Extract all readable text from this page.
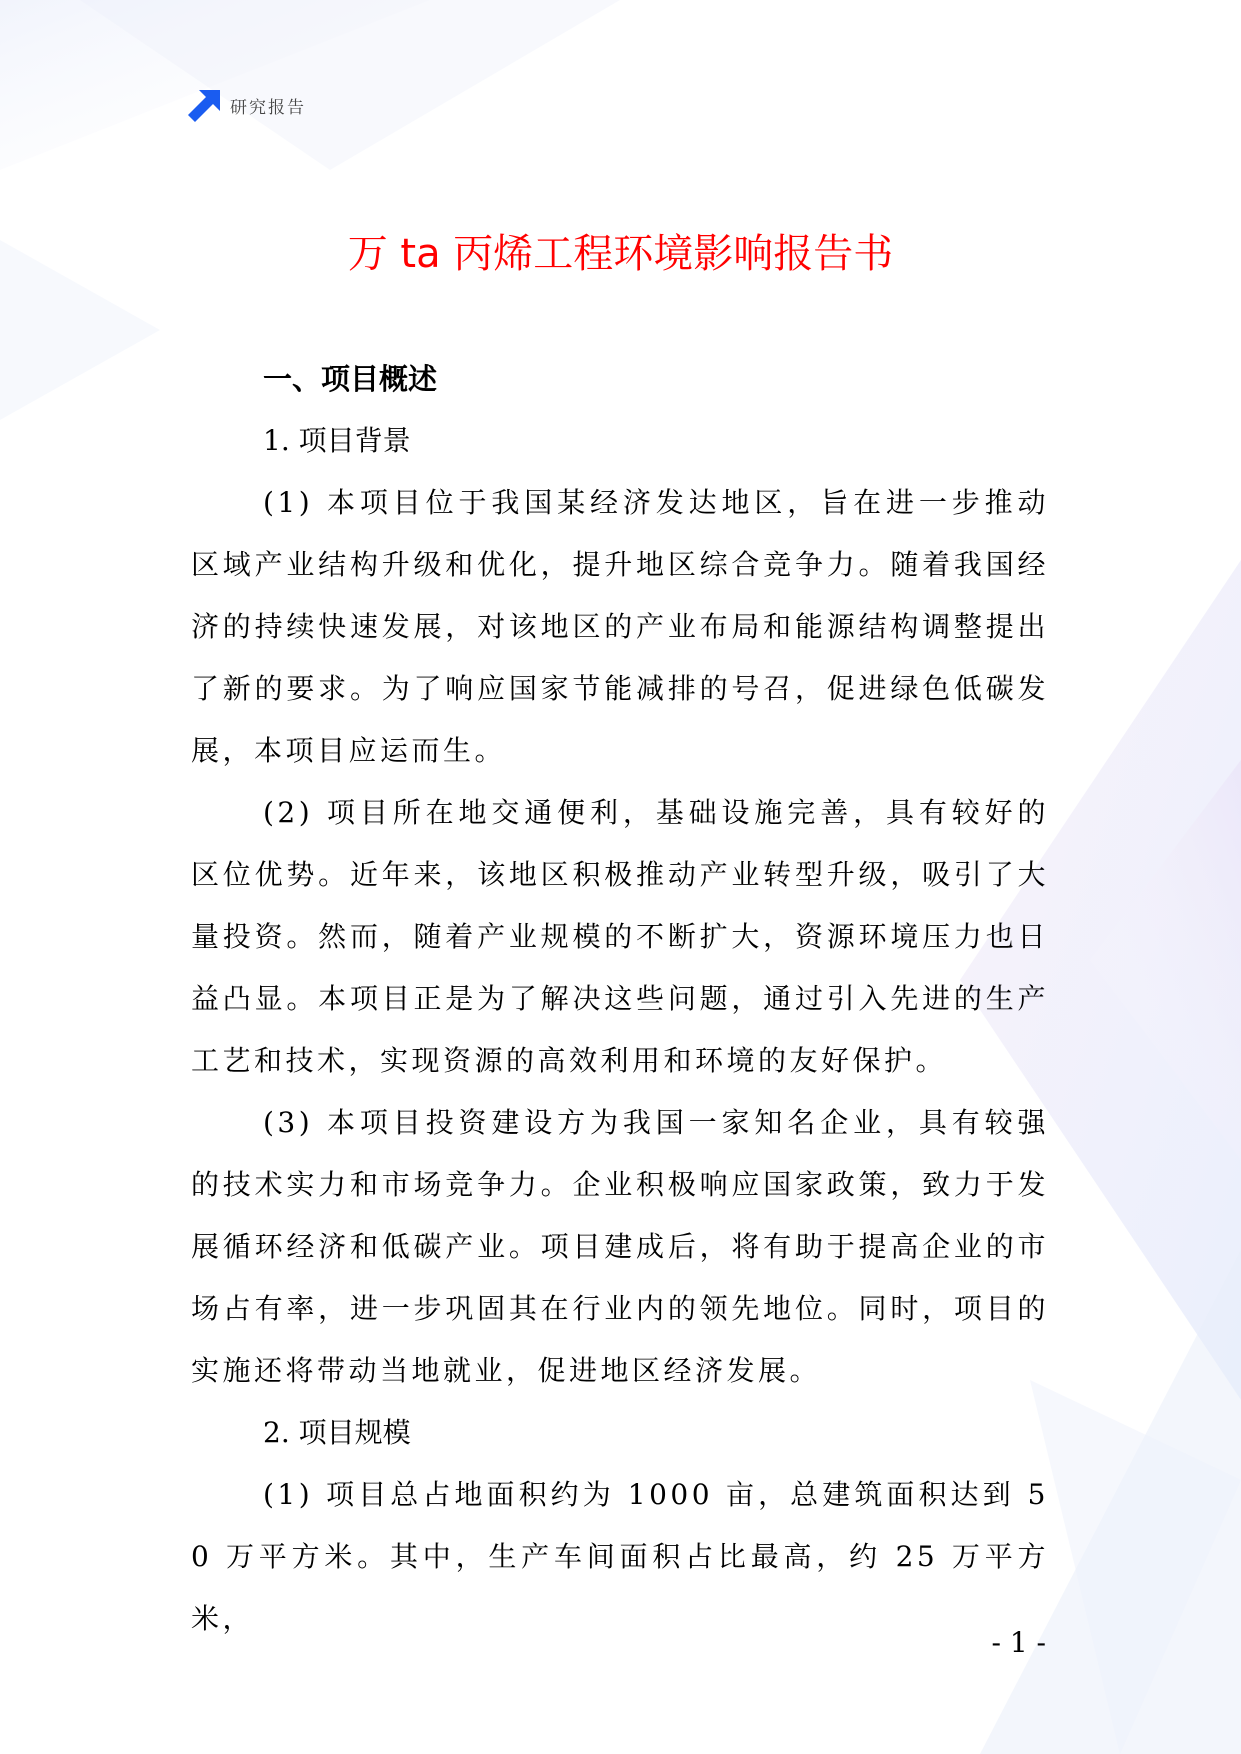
研究报告
万 ta 丙烯工程环境影响报告书
一、项目概述
1. 项目背景

(1) 本项目位于我国某经济发达地区，旨在进一步推动区域产业结构升级和优化，提升地区综合竞争力。随着我国经济的持续快速发展，对该地区的产业布局和能源结构调整提出了新的要求。为了响应国家节能减排的号召，促进绿色低碳发展，本项目应运而生。

(2) 项目所在地交通便利，基础设施完善，具有较好的区位优势。近年来，该地区积极推动产业转型升级，吸引了大量投资。然而，随着产业规模的不断扩大，资源环境压力也日益凸显。本项目正是为了解决这些问题，通过引入先进的生产工艺和技术，实现资源的高效利用和环境的友好保护。

(3) 本项目投资建设方为我国一家知名企业，具有较强的技术实力和市场竞争力。企业积极响应国家政策，致力于发展循环经济和低碳产业。项目建成后，将有助于提高企业的市场占有率，进一步巩固其在行业内的领先地位。同时，项目的实施还将带动当地就业，促进地区经济发展。

2. 项目规模

(1) 项目总占地面积约为 1000 亩，总建筑面积达到 50 万平方米。其中，生产车间面积占比最高，约 25 万平方米，

- 1 -
